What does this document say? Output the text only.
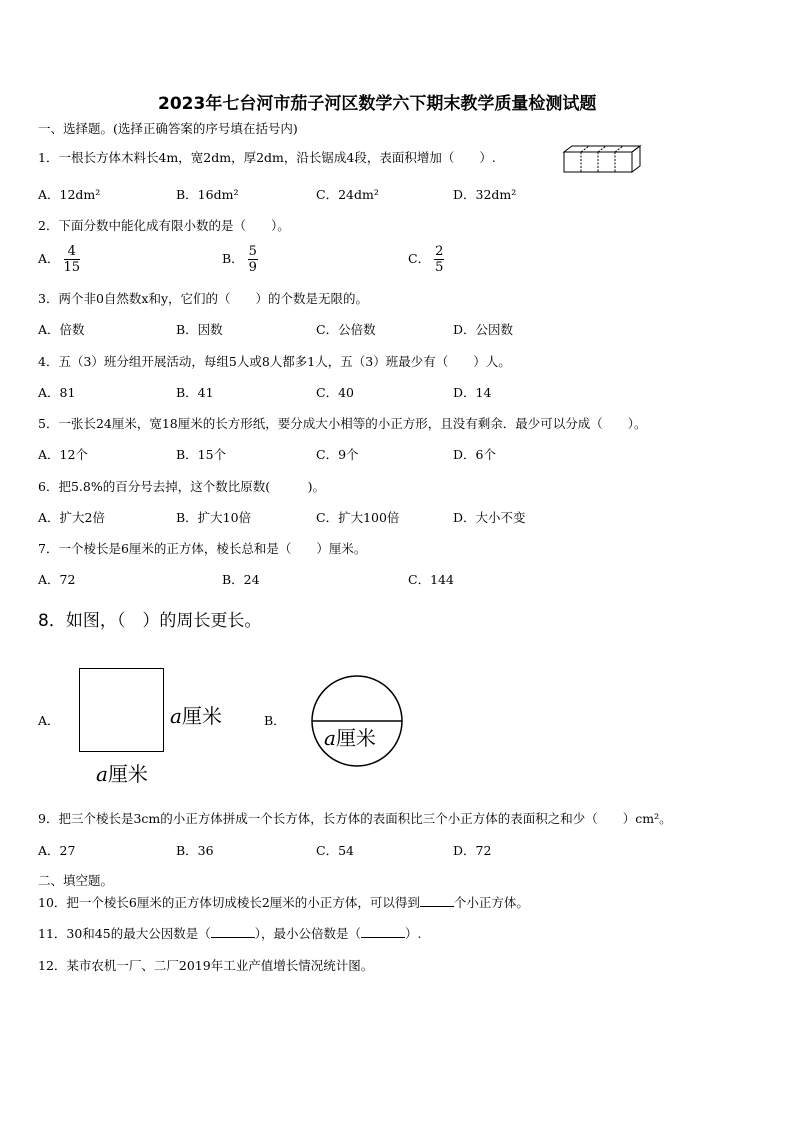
2023年七台河市茄子河区数学六下期末教学质量检测试题
一、选择题。(选择正确答案的序号填在括号内)
1．一根长方体木料长4m，宽2dm，厚2dm，沿长锯成4段，表面积增加（　　）.
A．12dm²	B．16dm²	C．24dm²	D．32dm²
2．下面分数中能化成有限小数的是（　　）。
A． $\frac{4}{15}$	B． $\frac{5}{9}$	C． $\frac{2}{5}$
3．两个非0自然数x和y，它们的（　　）的个数是无限的。
A．倍数	B．因数	C．公倍数	D．公因数
4．五（3）班分组开展活动，每组5人或8人都多1人，五（3）班最少有（　　）人。
A．81	B．41	C．40	D．14
5．一张长24厘米，宽18厘米的长方形纸，要分成大小相等的小正方形，且没有剩余．最少可以分成（　　）。
A．12个	B．15个	C．9个	D．6个
6．把5.8%的百分号去掉，这个数比原数(　　　)。
A．扩大2倍	B．扩大10倍	C．扩大100倍	D．大小不变
7．一个棱长是6厘米的正方体，棱长总和是（　　）厘米。
A．72	B．24	C．144
8．如图，（　）的周长更长。
A．	a厘米
a厘米
B．
a厘米
9．把三个棱长是3cm的小正方体拼成一个长方体，长方体的表面积比三个小正方体的表面积之和少（　　）cm²。
A．27	B．36	C．54	D．72
二、填空题。
10．把一个棱长6厘米的正方体切成棱长2厘米的小正方体，可以得到	个小正方体。
11．30和45的最大公因数是（	），最小公倍数是（	）.
12．某市农机一厂、二厂2019年工业产值增长情况统计图。
